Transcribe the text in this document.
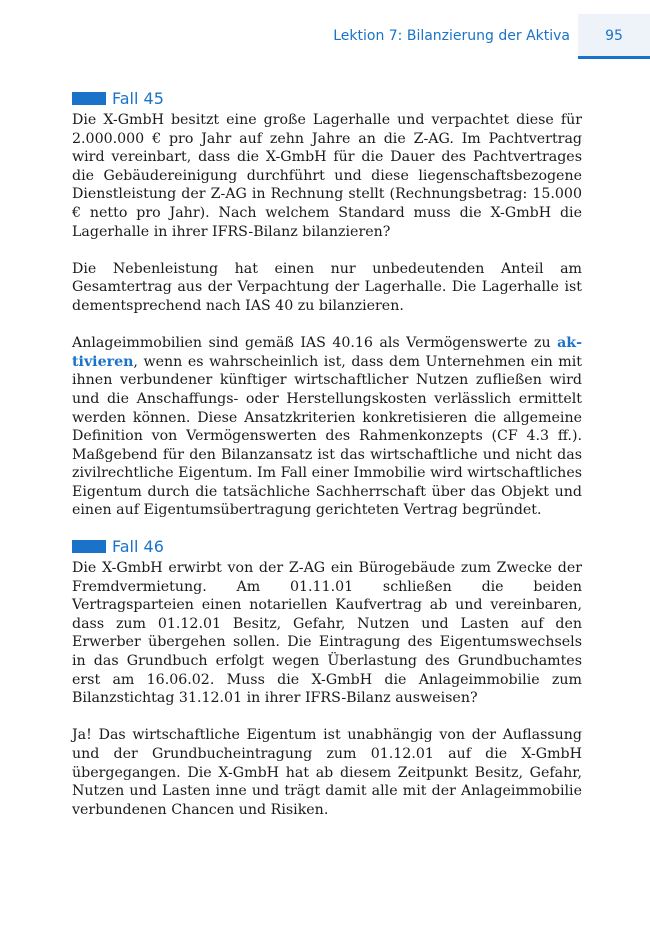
Lektion 7: Bilanzierung der Aktiva	95
Fall 45

Die X-GmbH besitzt eine große Lagerhalle und verpachtet diese für 2.000.000 € pro Jahr auf zehn Jahre an die Z-AG. Im Pachtvertrag wird vereinbart, dass die X-GmbH für die Dauer des Pachtvertrages die Gebäudereinigung durchführt und diese liegenschaftsbezogene Dienstleistung der Z-AG in Rechnung stellt (Rechnungsbetrag: 15.000 € netto pro Jahr). Nach welchem Standard muss die X-GmbH die Lagerhalle in ihrer IFRS-Bilanz bilanzieren?

Die Nebenleistung hat einen nur unbedeutenden Anteil am Gesamtertrag aus der Verpachtung der Lagerhalle. Die Lagerhalle ist dementsprechend nach IAS 40 zu bilanzieren.

Anlageimmobilien sind gemäß IAS 40.16 als Vermögenswerte zu aktivieren, wenn es wahrscheinlich ist, dass dem Unternehmen ein mit ihnen verbundener künftiger wirtschaftlicher Nutzen zufließen wird und die Anschaffungs- oder Herstellungskosten verlässlich ermittelt werden können. Diese Ansatzkriterien konkretisieren die allgemeine Definition von Vermögenswerten des Rahmenkonzepts (CF 4.3 ff.). Maßgebend für den Bilanzansatz ist das wirtschaftliche und nicht das zivilrechtliche Eigentum. Im Fall einer Immobilie wird wirtschaftliches Eigentum durch die tatsächliche Sachherrschaft über das Objekt und einen auf Eigentumsübertragung gerichteten Vertrag begründet.

Fall 46

Die X-GmbH erwirbt von der Z-AG ein Bürogebäude zum Zwecke der Fremdvermietung. Am 01.11.01 schließen die beiden Vertragsparteien einen notariellen Kaufvertrag ab und vereinbaren, dass zum 01.12.01 Besitz, Gefahr, Nutzen und Lasten auf den Erwerber übergehen sollen. Die Eintragung des Eigentumswechsels in das Grundbuch erfolgt wegen Überlastung des Grundbuchamtes erst am 16.06.02. Muss die X-GmbH die Anlageimmobilie zum Bilanzstichtag 31.12.01 in ihrer IFRS-Bilanz ausweisen?

Ja! Das wirtschaftliche Eigentum ist unabhängig von der Auflassung und der Grundbucheintragung zum 01.12.01 auf die X-GmbH übergegangen. Die X-GmbH hat ab diesem Zeitpunkt Besitz, Gefahr, Nutzen und Lasten inne und trägt damit alle mit der Anlageimmobilie verbundenen Chancen und Risiken.
